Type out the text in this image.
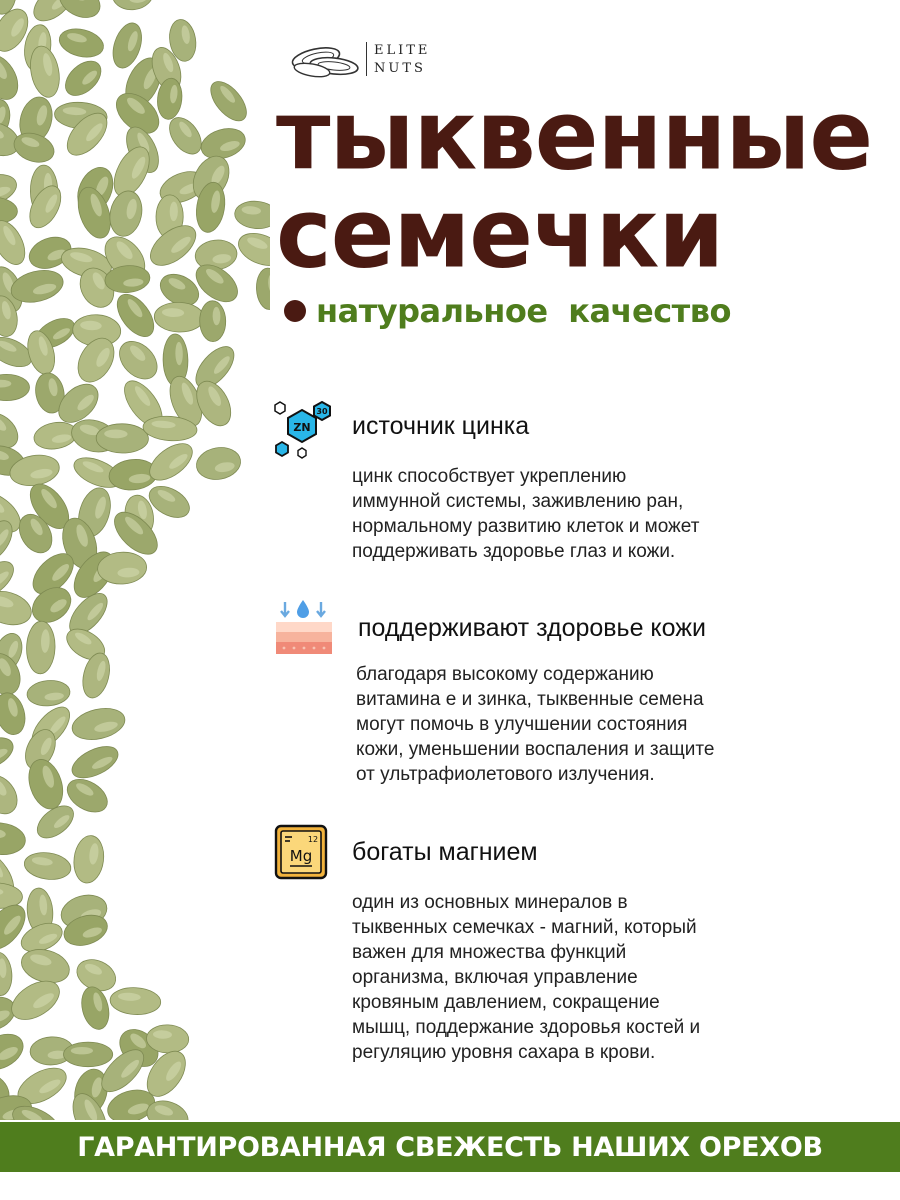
ELITE
NUTS
тыквенные
семечки
натуральное качество
ZN
30
источник цинка
цинк способствует укреплению
иммунной системы, заживлению ран,
нормальному развитию клеток и может
поддерживать здоровье глаз и кожи.
поддерживают здоровье кожи
благодаря высокому содержанию
витамина е и зинка, тыквенные семена
могут помочь в улучшении состояния
кожи, уменьшении воспаления и защите
от ультрафиолетового излучения.
Mg
12 богаты магнием
один из основных минералов в
тыквенных семечках - магний, который
важен для множества функций
организма, включая управление
кровяным давлением, сокращение
мышц, поддержание здоровья костей и
регуляцию уровня сахара в крови.
ГАРАНТИРОВАННАЯ СВЕЖЕСТЬ НАШИХ ОРЕХОВ
